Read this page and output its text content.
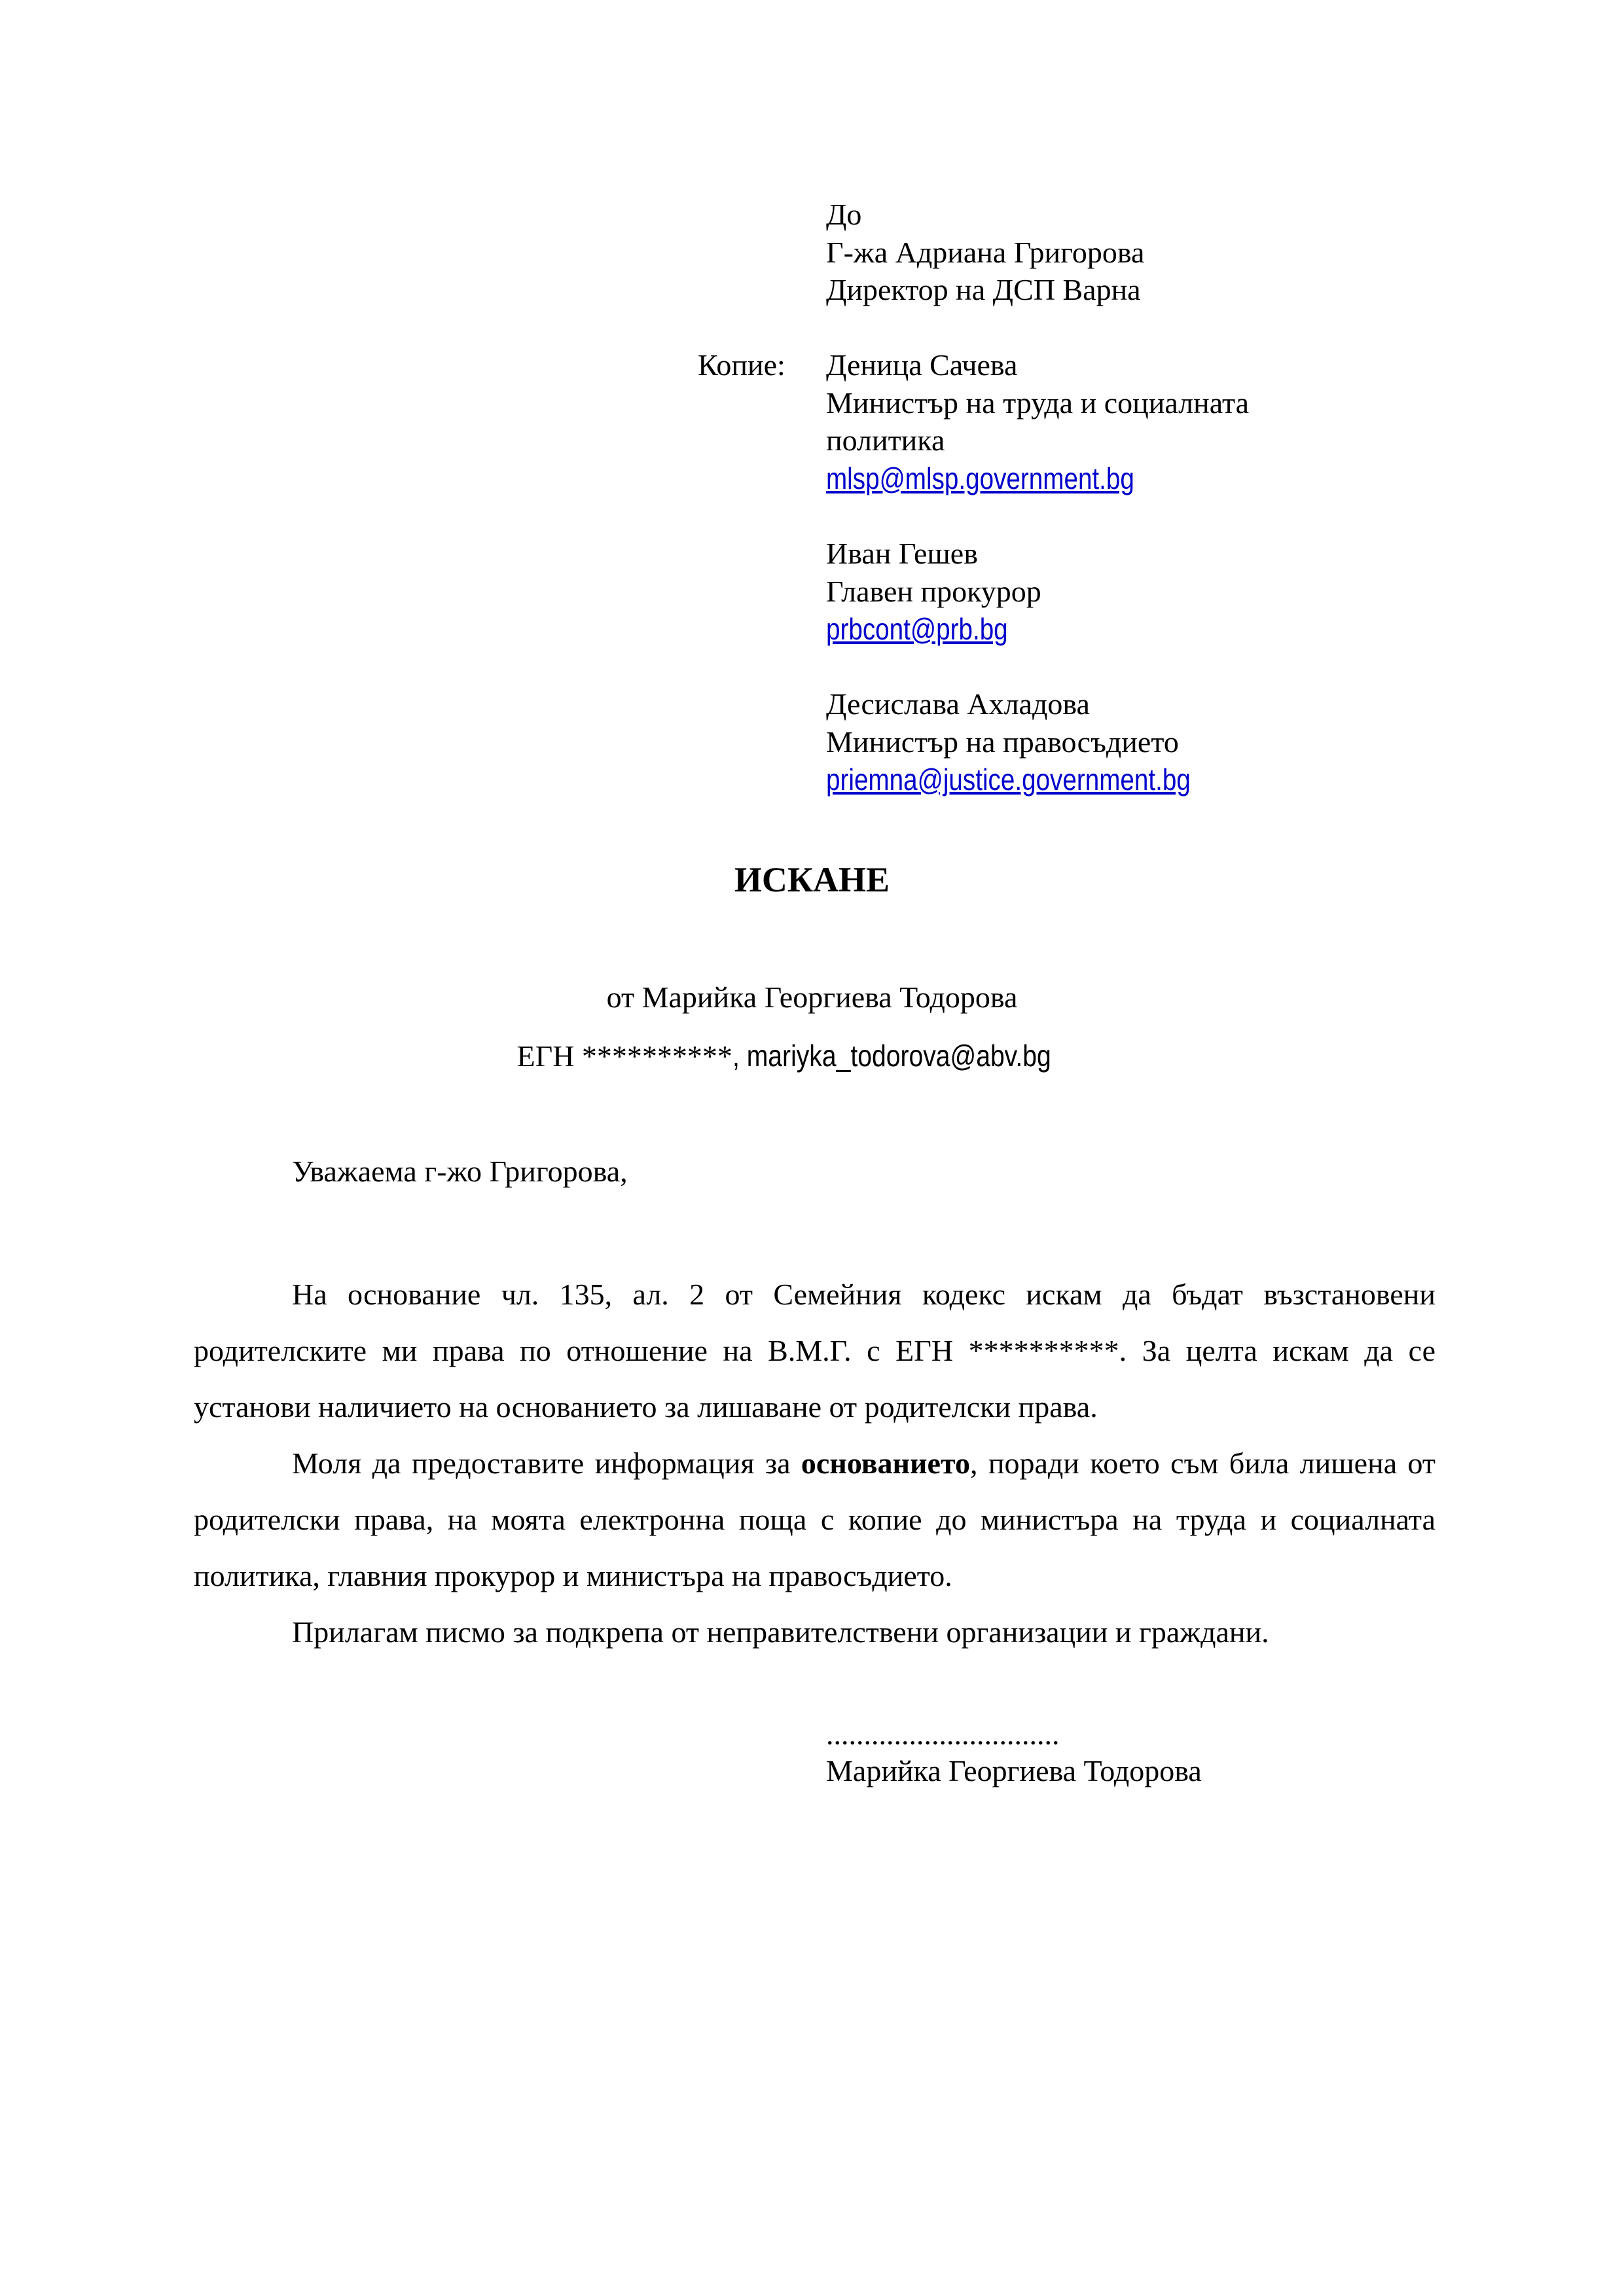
До
Г-жа Адриана Григорова
Директор на ДСП Варна
Копие: Деница Сачева
Министър на труда и социалната
политика
mlsp@mlsp.government.bg
Иван Гешев
Главен прокурор
prbcont@prb.bg
Десислава Ахладова
Министър на правосъдието
priemna@justice.government.bg
ИСКАНЕ
от Марийка Георгиева Тодорова
ЕГН **********, mariyka_todorova@abv.bg
Уважаема г-жо Григорова,
На основание чл. 135, ал. 2 от Семейния кодекс искам да бъдат възстановени родителските ми права по отношение на В.М.Г. с ЕГН **********. За целта искам да се установи наличието на основанието за лишаване от родителски права.
Моля да предоставите информация за основанието, поради което съм била лишена от родителски права, на моята електронна поща с копие до министъра на труда и социалната политика, главния прокурор и министъра на правосъдието.
Прилагам писмо за подкрепа от неправителствени организации и граждани.
...............................
Марийка Георгиева Тодорова
